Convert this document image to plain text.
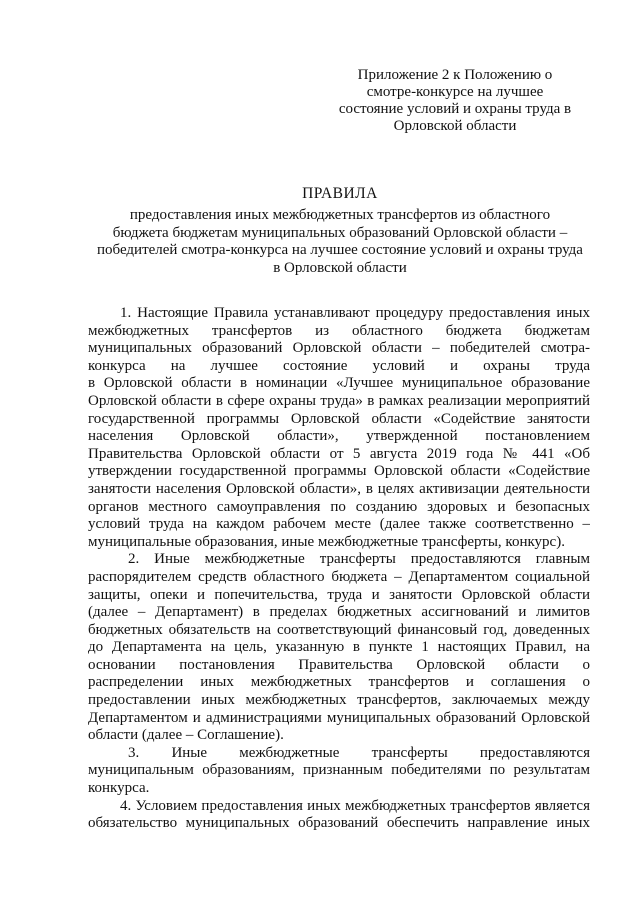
Приложение 2 к Положению о
смотре-конкурсе на лучшее
состояние условий и охраны труда в
Орловской области
ПРАВИЛА
предоставления иных межбюджетных трансфертов из областного
бюджета бюджетам муниципальных образований Орловской области –
победителей смотра-конкурса на лучшее состояние условий и охраны труда
в Орловской области

1. Настоящие Правила устанавливают процедуру предоставления иных
межбюджетных трансфертов из областного бюджета бюджетам
муниципальных образований Орловской области – победителей смотра-
конкурса на лучшее состояние условий и охраны труда
в Орловской области в номинации «Лучшее муниципальное образование
Орловской области в сфере охраны труда» в рамках реализации мероприятий
государственной программы Орловской области «Содействие занятости
населения Орловской области», утвержденной постановлением
Правительства Орловской области от 5 августа 2019 года № 441 «Об
утверждении государственной программы Орловской области «Содействие
занятости населения Орловской области», в целях активизации деятельности
органов местного самоуправления по созданию здоровых и безопасных
условий труда на каждом рабочем месте (далее также соответственно –
муниципальные образования, иные межбюджетные трансферты, конкурс).

2. Иные межбюджетные трансферты предоставляются главным
распорядителем средств областного бюджета – Департаментом социальной
защиты, опеки и попечительства, труда и занятости Орловской области
(далее – Департамент) в пределах бюджетных ассигнований и лимитов
бюджетных обязательств на соответствующий финансовый год, доведенных
до Департамента на цель, указанную в пункте 1 настоящих Правил, на
основании постановления Правительства Орловской области о
распределении иных межбюджетных трансфертов и соглашения о
предоставлении иных межбюджетных трансфертов, заключаемых между
Департаментом и администрациями муниципальных образований Орловской
области (далее – Соглашение).

3. Иные межбюджетные трансферты предоставляются
муниципальным образованиям, признанным победителями по результатам
конкурса.

4. Условием предоставления иных межбюджетных трансфертов является
обязательство муниципальных образований обеспечить направление иных
